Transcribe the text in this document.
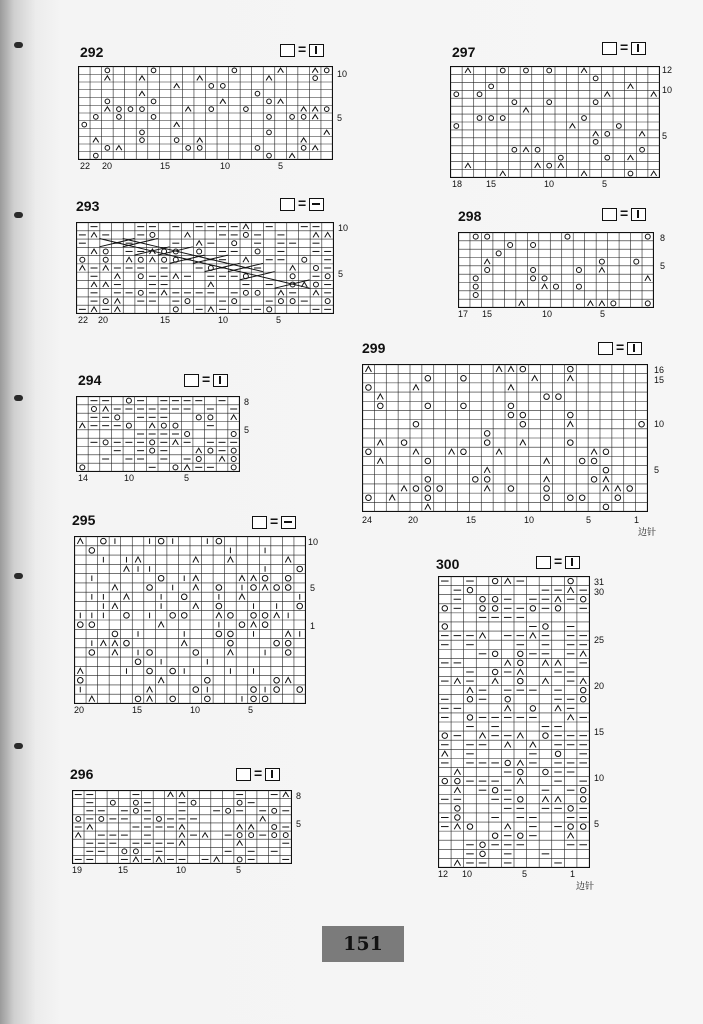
292	=
22 20	15	10	5
10
5
293	=
22 20	15	10	5
10
5
294	=
14	10	5
8
5
295	=
20	15	10	5
10
5
1
296	=
19	15	10	5
8
5
297	=
18	15	10	5
12
10
5
298	=
17 15	10	5
8
5
299	=
24	20	15	10	5	1
边针
16
15
10
5
300	=
12 10	5	1
边针
31
30
25
20
15
10
5
151
